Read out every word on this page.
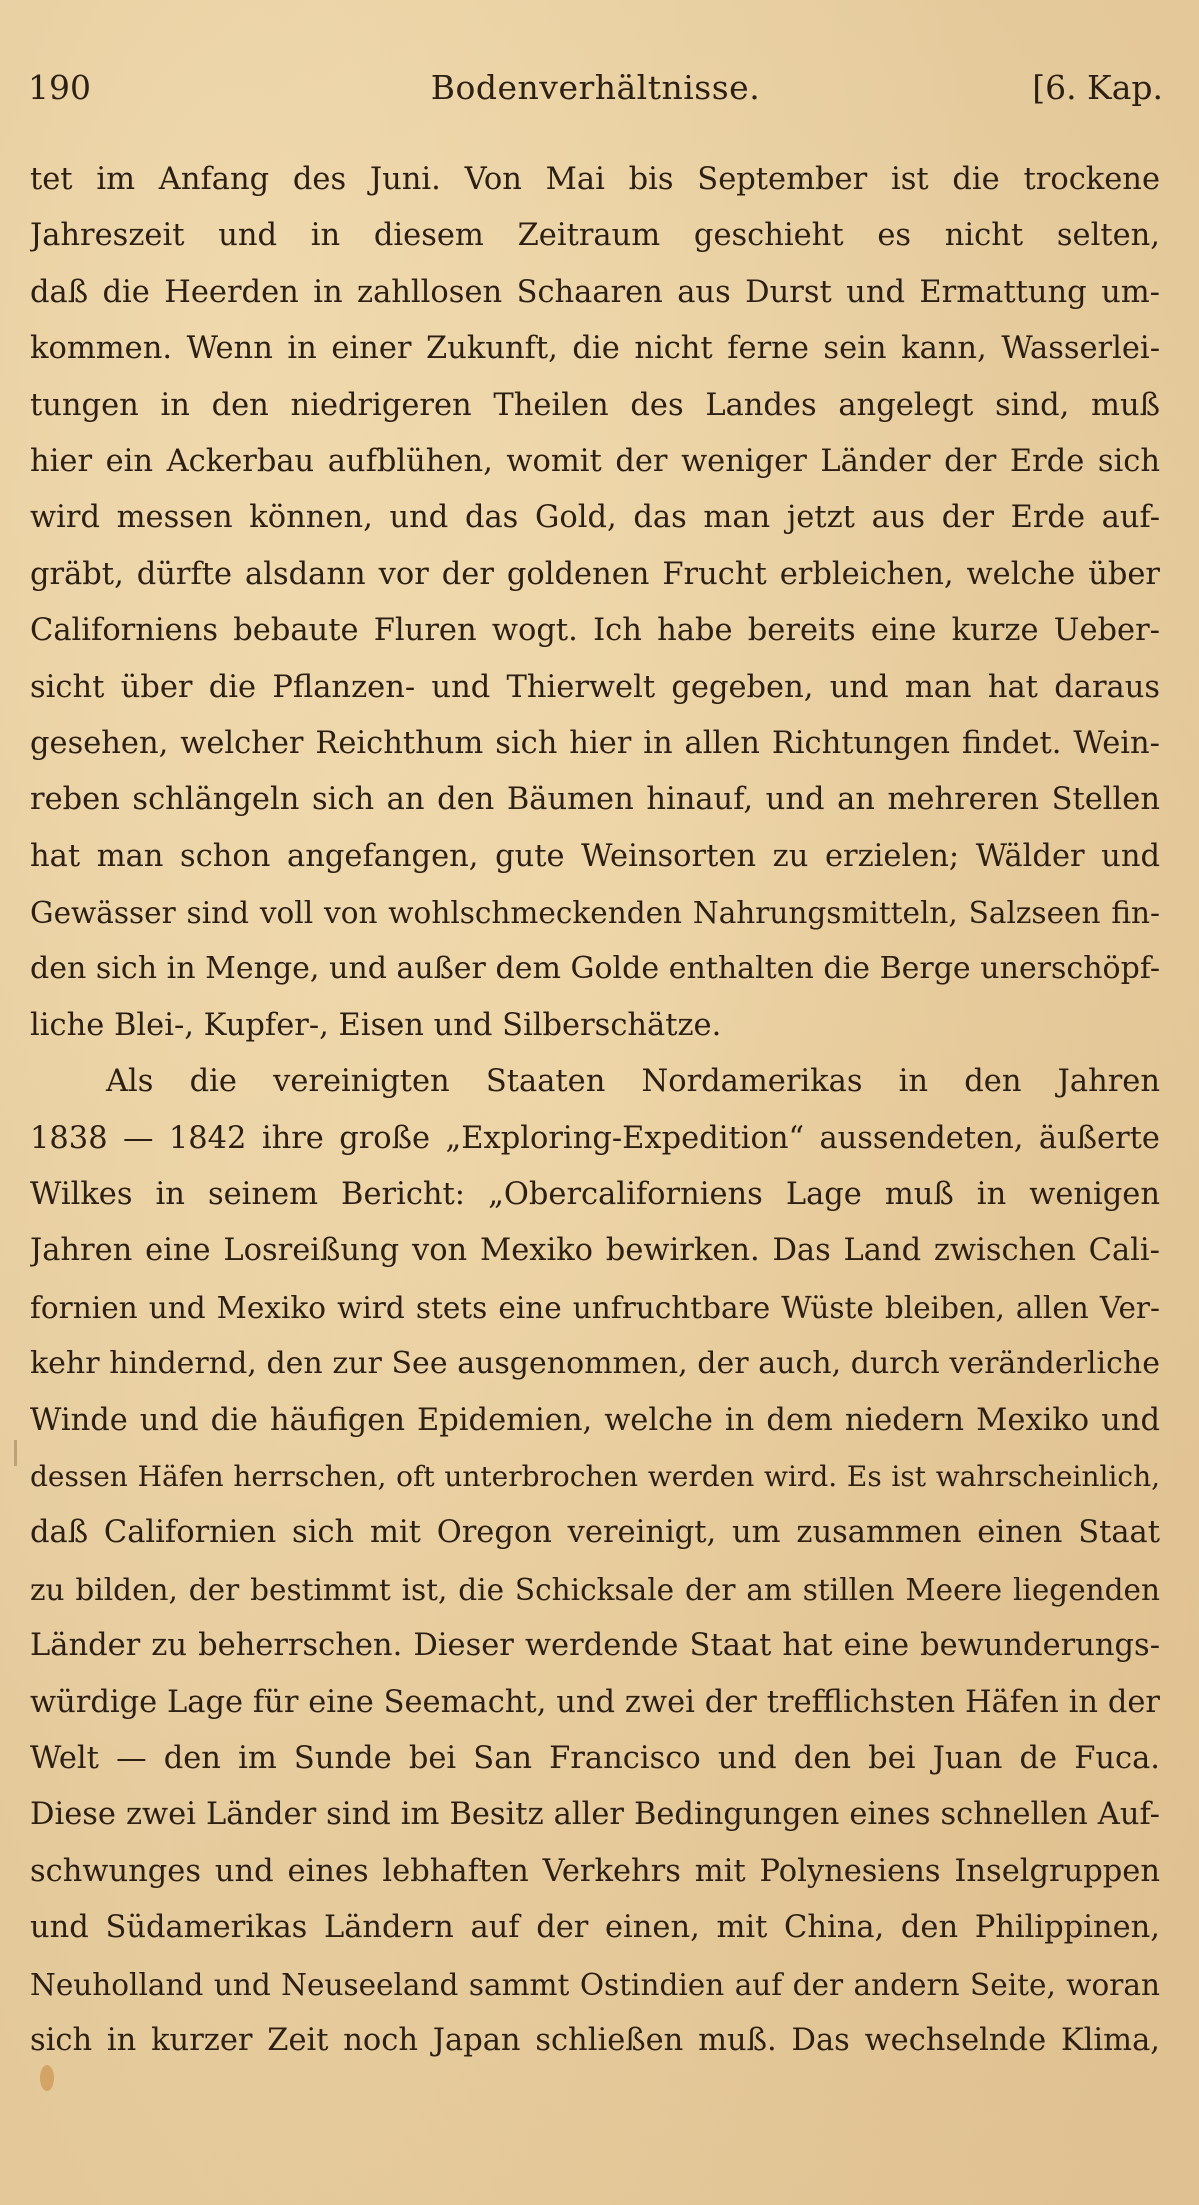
190	Bodenverhältnisse.	[6. Kap.
tet im Anfang des Juni. Von Mai bis September ist die trockene
Jahreszeit und in diesem Zeitraum geschieht es nicht selten,
daß die Heerden in zahllosen Schaaren aus Durst und Ermattung um-
kommen. Wenn in einer Zukunft, die nicht ferne sein kann, Wasserlei-
tungen in den niedrigeren Theilen des Landes angelegt sind, muß
hier ein Ackerbau aufblühen, womit der weniger Länder der Erde sich
wird messen können, und das Gold, das man jetzt aus der Erde auf-
gräbt, dürfte alsdann vor der goldenen Frucht erbleichen, welche über
Californiens bebaute Fluren wogt. Ich habe bereits eine kurze Ueber-
sicht über die Pflanzen- und Thierwelt gegeben, und man hat daraus
gesehen, welcher Reichthum sich hier in allen Richtungen findet. Wein-
reben schlängeln sich an den Bäumen hinauf, und an mehreren Stellen
hat man schon angefangen, gute Weinsorten zu erzielen; Wälder und
Gewässer sind voll von wohlschmeckenden Nahrungsmitteln, Salzseen fin-
den sich in Menge, und außer dem Golde enthalten die Berge unerschöpf-
liche Blei-, Kupfer-, Eisen und Silberschätze.
Als die vereinigten Staaten Nordamerikas in den Jahren
1838 — 1842 ihre große „Exploring-Expedition“ aussendeten, äußerte
Wilkes in seinem Bericht: „Obercaliforniens Lage muß in wenigen
Jahren eine Losreißung von Mexiko bewirken. Das Land zwischen Cali-
fornien und Mexiko wird stets eine unfruchtbare Wüste bleiben, allen Ver-
kehr hindernd, den zur See ausgenommen, der auch, durch veränderliche
Winde und die häufigen Epidemien, welche in dem niedern Mexiko und
dessen Häfen herrschen, oft unterbrochen werden wird. Es ist wahrscheinlich,
daß Californien sich mit Oregon vereinigt, um zusammen einen Staat
zu bilden, der bestimmt ist, die Schicksale der am stillen Meere liegenden
Länder zu beherrschen. Dieser werdende Staat hat eine bewunderungs-
würdige Lage für eine Seemacht, und zwei der trefflichsten Häfen in der
Welt — den im Sunde bei San Francisco und den bei Juan de Fuca.
Diese zwei Länder sind im Besitz aller Bedingungen eines schnellen Auf-
schwunges und eines lebhaften Verkehrs mit Polynesiens Inselgruppen
und Südamerikas Ländern auf der einen, mit China, den Philippinen,
Neuholland und Neuseeland sammt Ostindien auf der andern Seite, woran
sich in kurzer Zeit noch Japan schließen muß. Das wechselnde Klima,
